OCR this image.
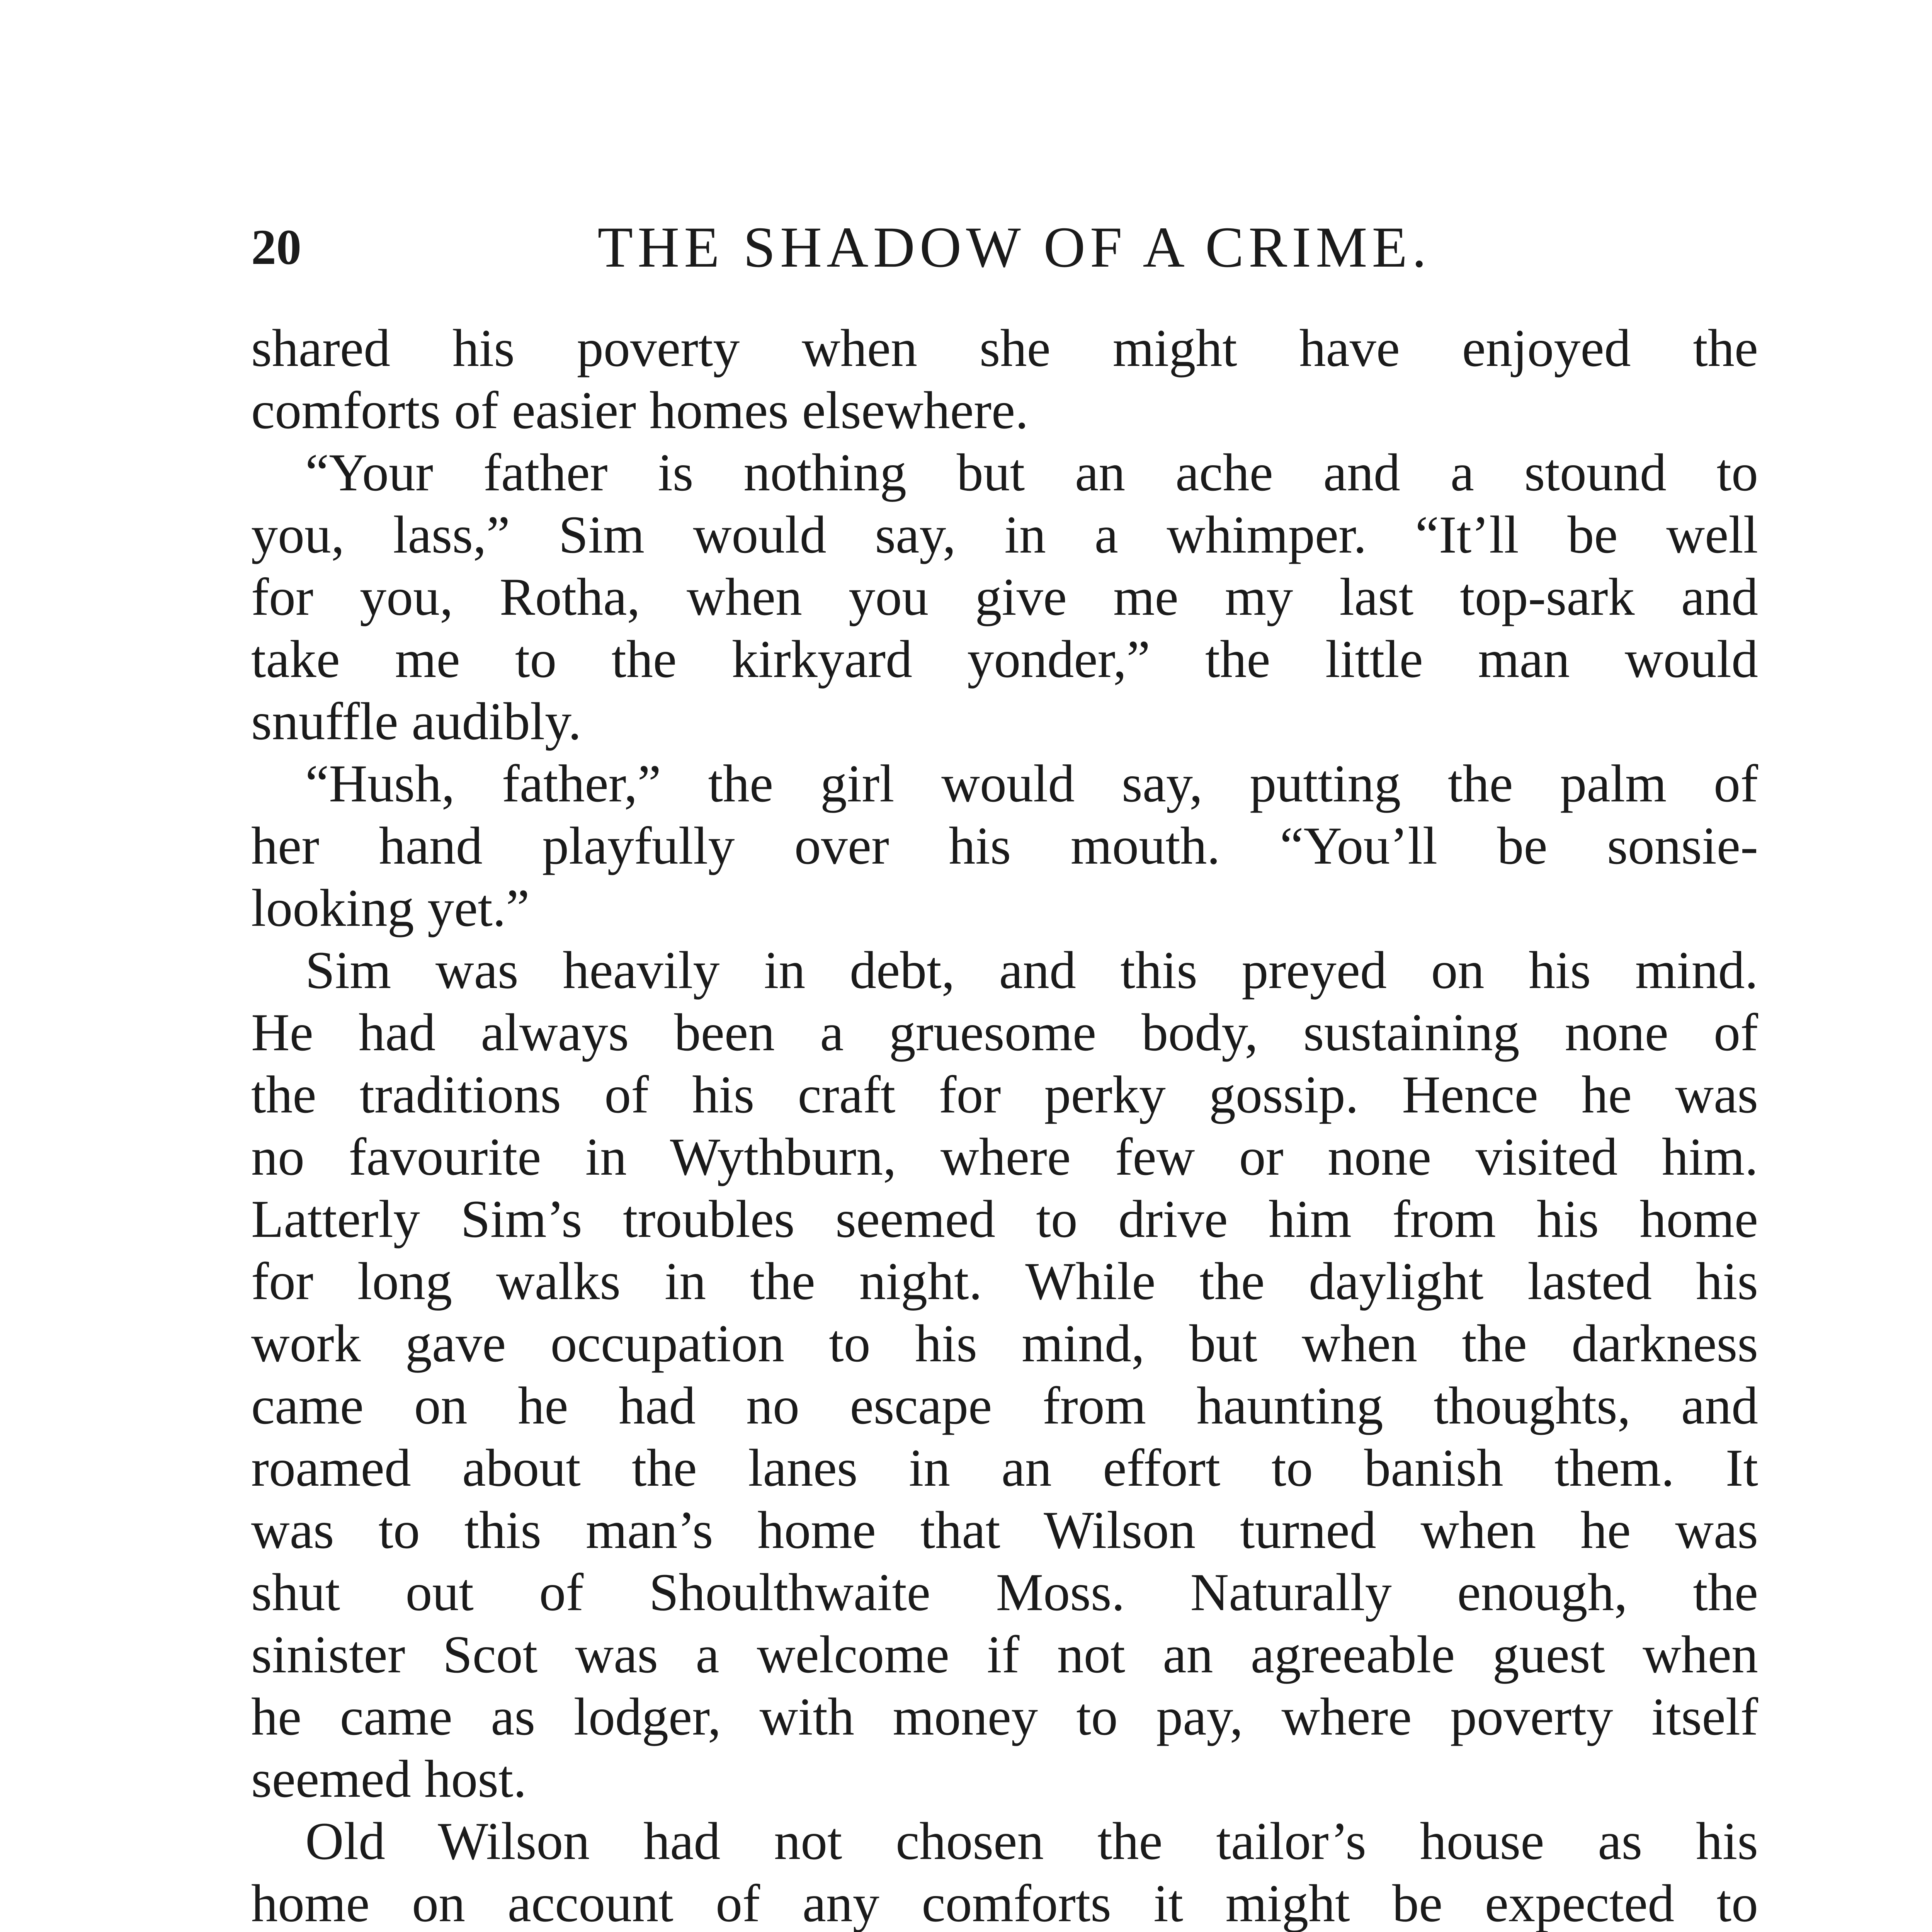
20	THE SHADOW OF A CRIME.
shared his poverty when she might have enjoyed the
comforts of easier homes elsewhere.
“Your father is nothing but an ache and a stound to
you, lass,” Sim would say, in a whimper. “It’ll be well
for you, Rotha, when you give me my last top-sark and
take me to the kirkyard yonder,” the little man would
snuffle audibly.
“Hush, father,” the girl would say, putting the palm of
her hand playfully over his mouth. “You’ll be sonsie-
looking yet.”
Sim was heavily in debt, and this preyed on his mind.
He had always been a gruesome body, sustaining none of
the traditions of his craft for perky gossip. Hence he was
no favourite in Wythburn, where few or none visited him.
Latterly Sim’s troubles seemed to drive him from his home
for long walks in the night. While the daylight lasted his
work gave occupation to his mind, but when the darkness
came on he had no escape from haunting thoughts, and
roamed about the lanes in an effort to banish them. It
was to this man’s home that Wilson turned when he was
shut out of Shoulthwaite Moss. Naturally enough, the
sinister Scot was a welcome if not an agreeable guest when
he came as lodger, with money to pay, where poverty itself
seemed host.
Old Wilson had not chosen the tailor’s house as his
home on account of any comforts it might be expected to
